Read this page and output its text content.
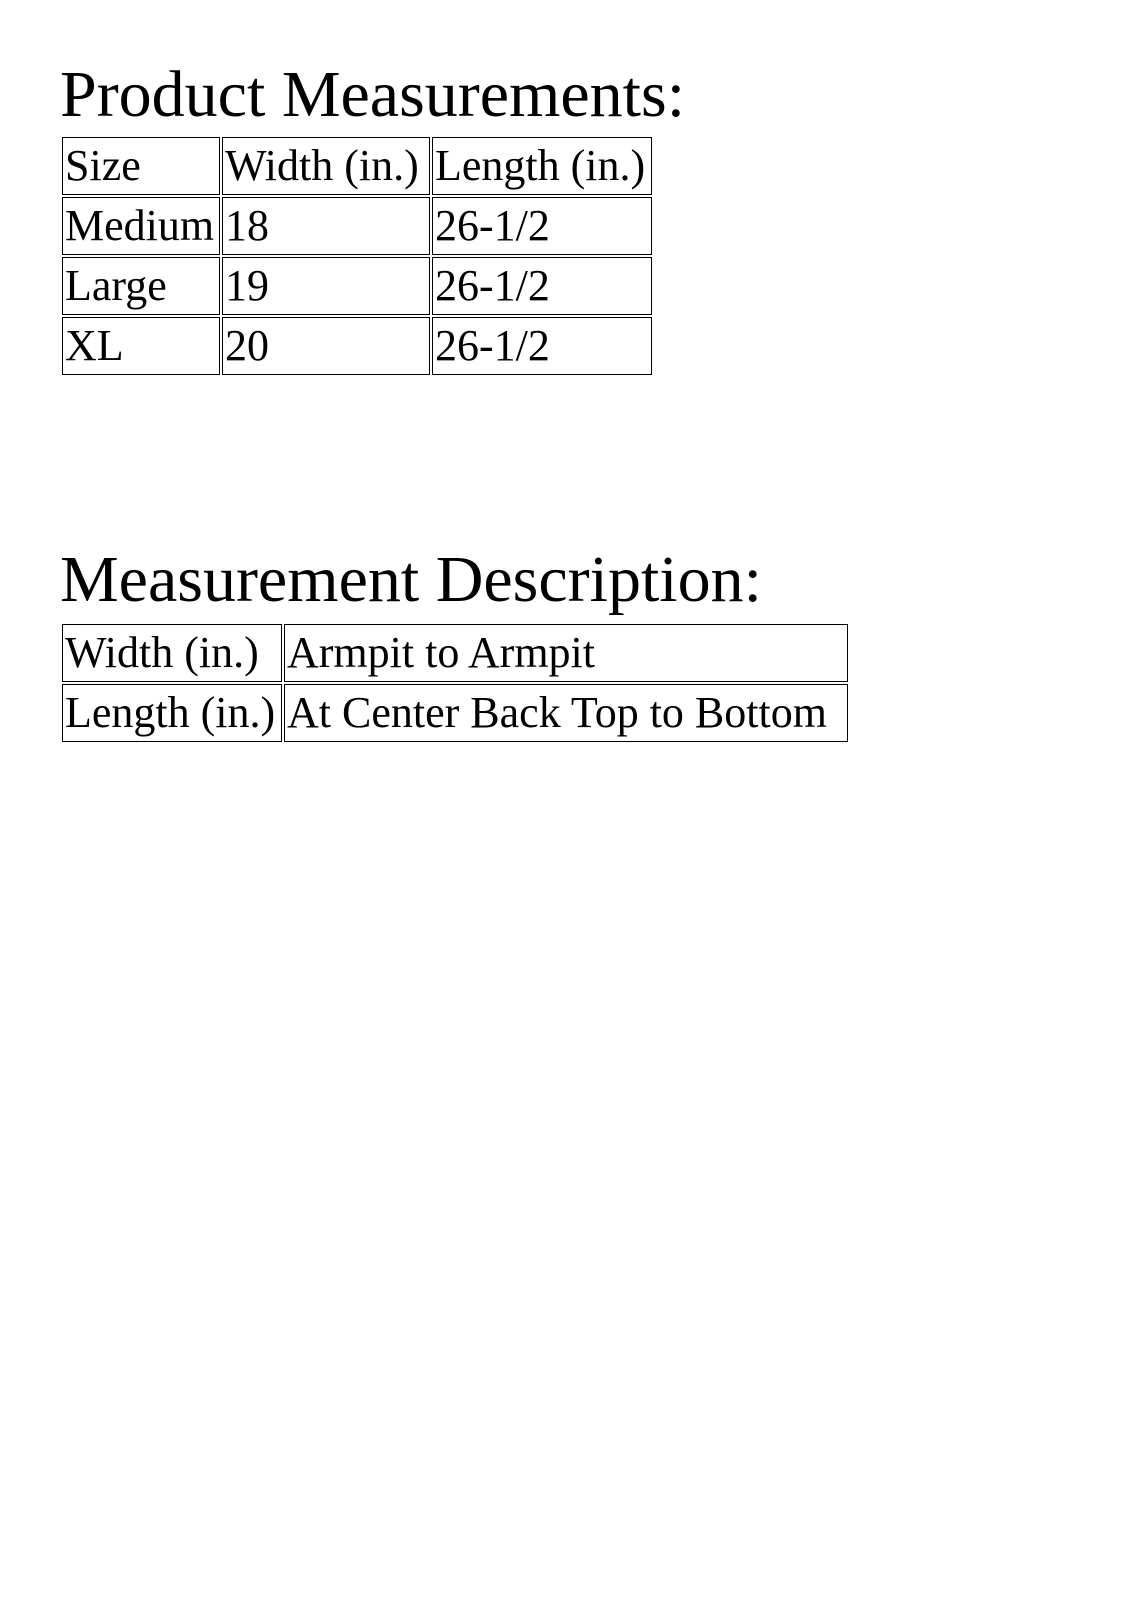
Product Measurements:
Size	Width (in.)	Length (in.)
Medium	18	26-1/2
Large	19	26-1/2
XL	20	26-1/2
Measurement Description:
Width (in.)	Armpit to Armpit
Length (in.)	At Center Back Top to Bottom
